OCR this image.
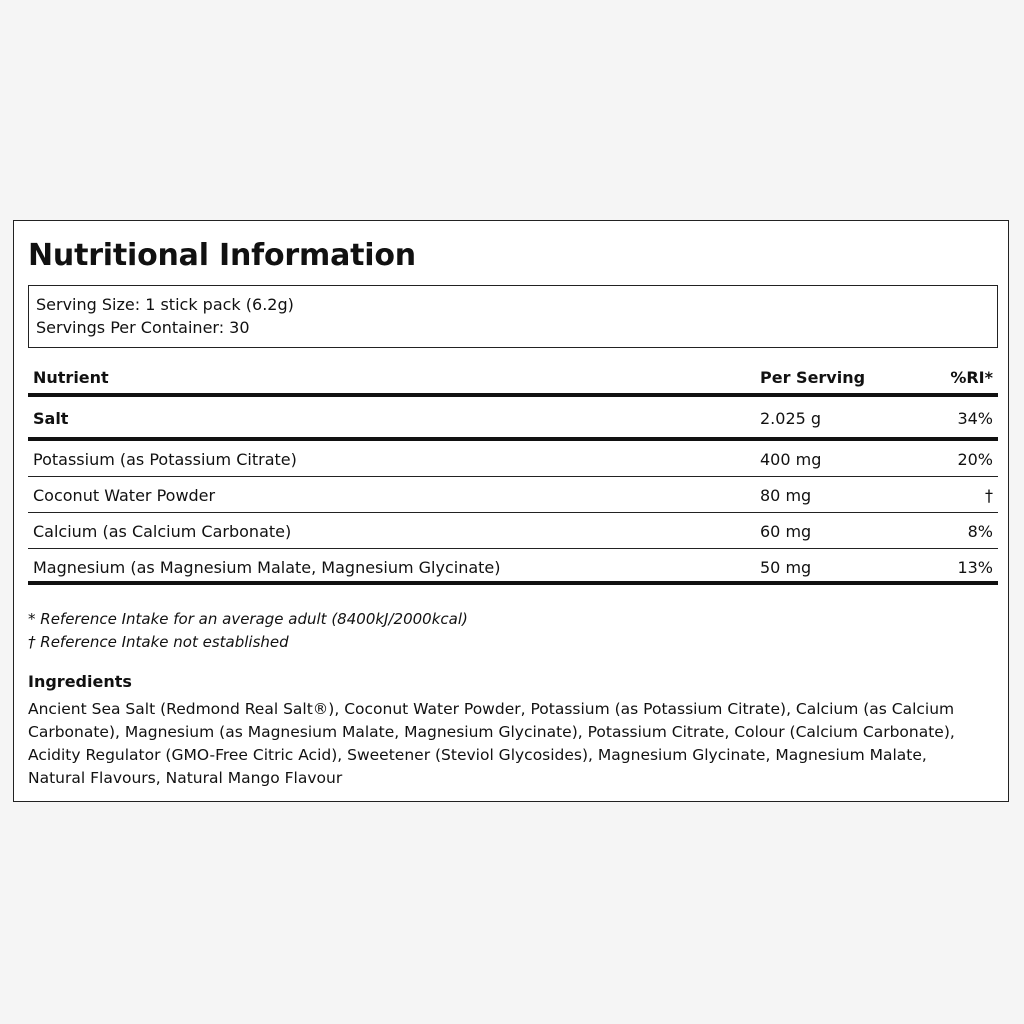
Nutritional Information
Serving Size: 1 stick pack (6.2g)
Servings Per Container: 30
Nutrient	Per Serving	%RI*
Salt	2.025 g	34%
Potassium (as Potassium Citrate)	400 mg	20%
Coconut Water Powder	80 mg	†
Calcium (as Calcium Carbonate)	60 mg	8%
Magnesium (as Magnesium Malate, Magnesium Glycinate)	50 mg	13%
* Reference Intake for an average adult (8400kJ/2000kcal)
† Reference Intake not established
Ingredients

Ancient Sea Salt (Redmond Real Salt®), Coconut Water Powder, Potassium (as Potassium Citrate), Calcium (as Calcium Carbonate), Magnesium (as Magnesium Malate, Magnesium Glycinate), Potassium Citrate, Colour (Calcium Carbonate), Acidity Regulator (GMO-Free Citric Acid), Sweetener (Steviol Glycosides), Magnesium Glycinate, Magnesium Malate, Natural Flavours, Natural Mango Flavour
